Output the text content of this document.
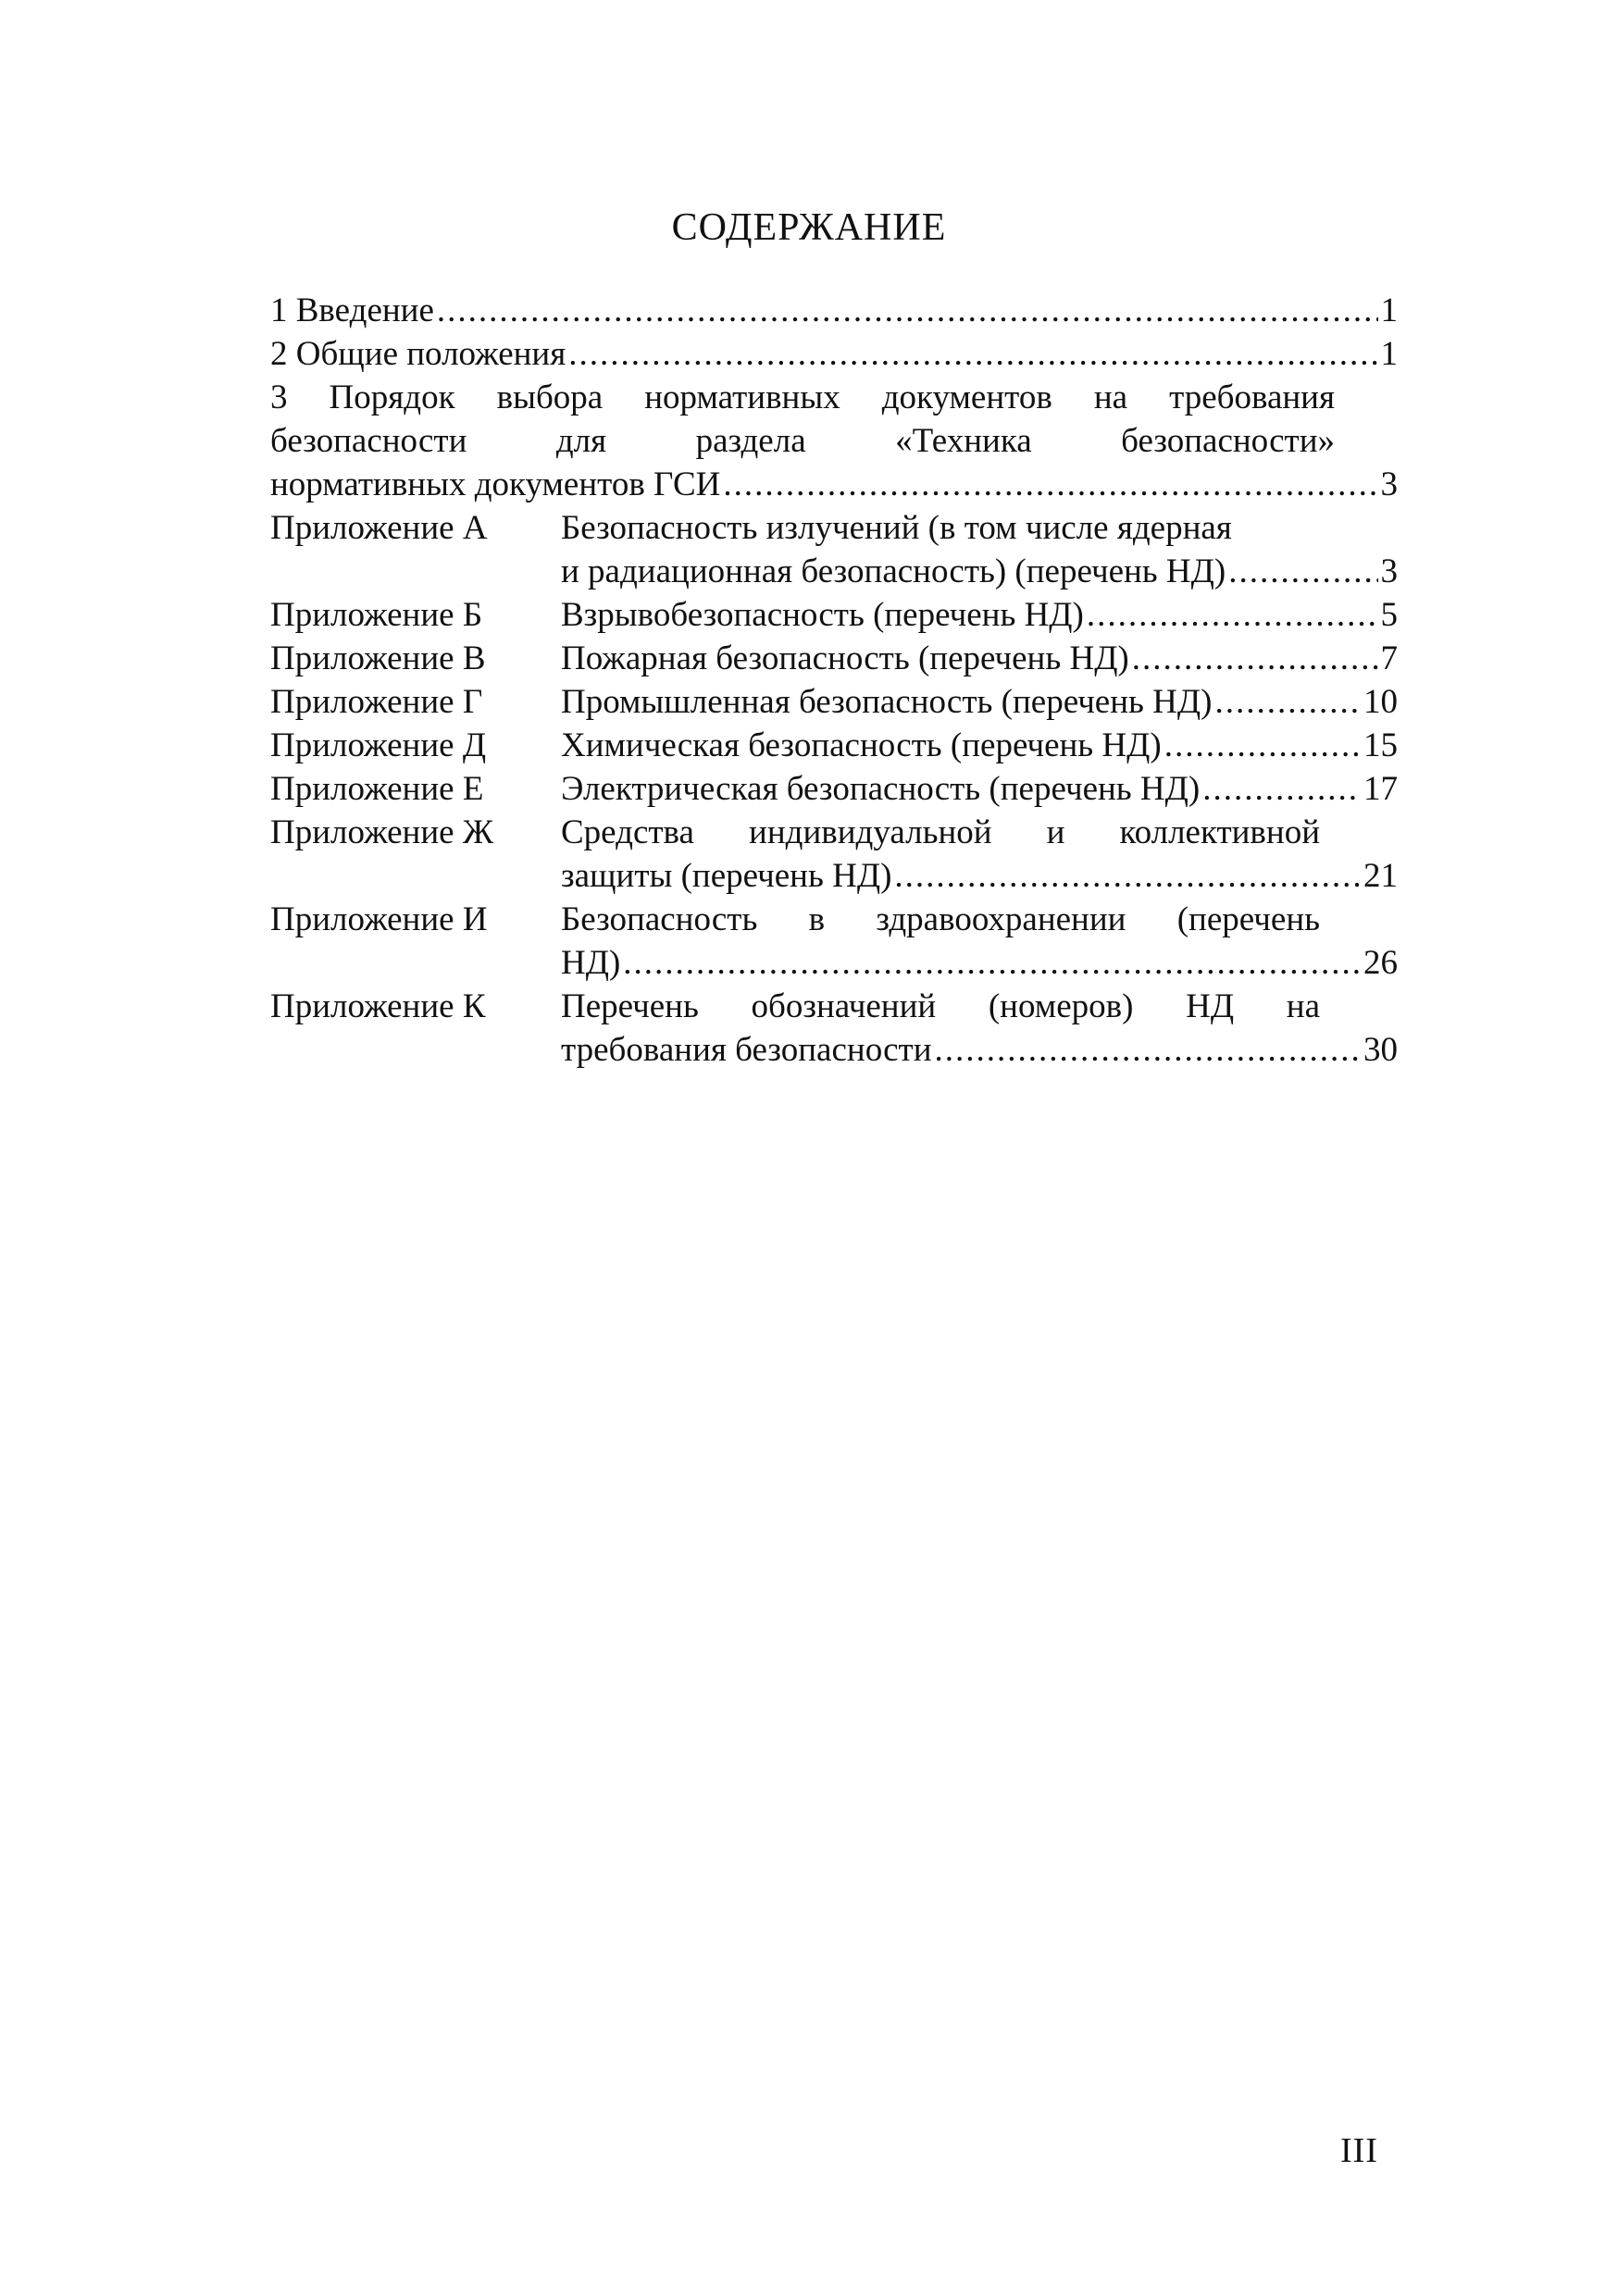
СОДЕРЖАНИЕ
1 Введение .....	1
2 Общие положения .....	1
3 Порядок выбора нормативных документов на требования
безопасности для раздела «Техника безопасности»
нормативных документов ГСИ .....	3
Приложение А	Безопасность излучений (в том числе ядерная
и радиационная безопасность) (перечень НД) .....	3
Приложение Б	Взрывобезопасность (перечень НД) .....	5
Приложение В	Пожарная безопасность (перечень НД) .....	7
Приложение Г	Промышленная безопасность (перечень НД) .....	10
Приложение Д	Химическая безопасность (перечень НД) .....	15
Приложение Е	Электрическая безопасность (перечень НД) .....	17
Приложение Ж	Средства индивидуальной и коллективной
защиты (перечень НД) .....	21
Приложение И	Безопасность в здравоохранении (перечень
НД) .....	26
Приложение К	Перечень обозначений (номеров) НД на
требования безопасности .....	30
III
